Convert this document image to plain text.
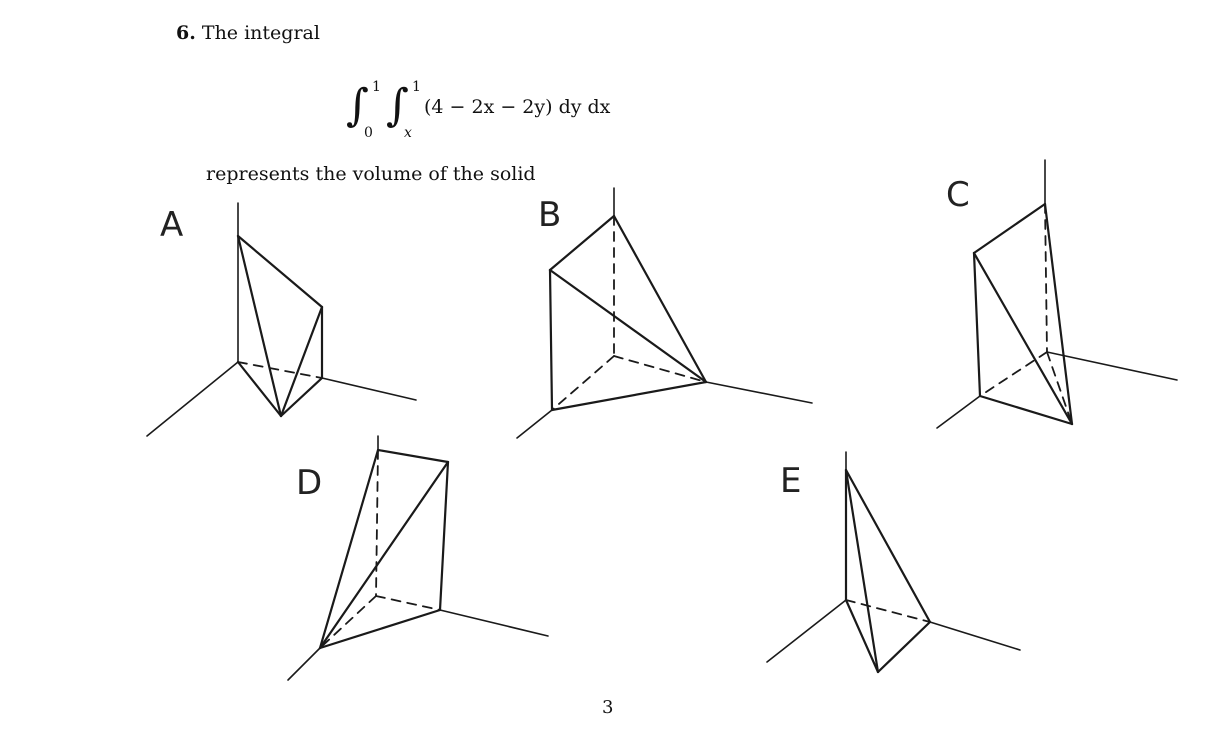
6. The integral
∫ 1
0
∫ 1
x
(4 − 2x − 2y) dy dx
represents the volume of the solid
A	B	C
D	E
3
